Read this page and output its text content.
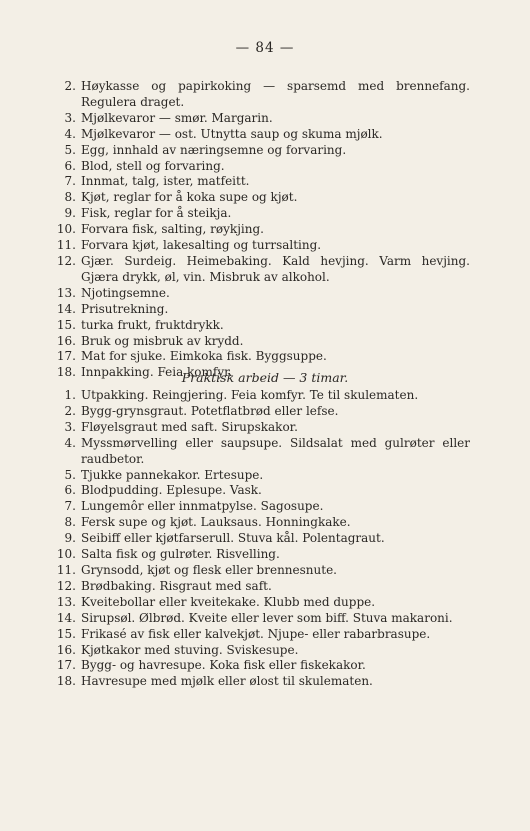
— 84 —
2. Høykasse og papirkoking — sparsemd med brennefang. Regulera draget.
3. Mjølkevaror — smør. Margarin.
4. Mjølkevaror — ost. Utnytta saup og skuma mjølk.
5. Egg, innhald av næringsemne og forvaring.
6. Blod, stell og forvaring.
7. Innmat, talg, ister, matfeitt.
8. Kjøt, reglar for å koka supe og kjøt.
9. Fisk, reglar for å steikja.
10. Forvara fisk, salting, røykjing.
11. Forvara kjøt, lakesalting og turrsalting.
12. Gjær. Surdeig. Heimebaking. Kald hevjing. Varm hevjing. Gjæra drykk, øl, vin. Misbruk av alkohol.
13. Njotingsemne.
14. Prisutrekning.
15. turka frukt, fruktdrykk.
16. Bruk og misbruk av krydd.
17. Mat for sjuke. Eimkoka fisk. Byggsuppe.
18. Innpakking. Feia komfyr.
Praktisk arbeid — 3 timar.
1. Utpakking. Reingjering. Feia komfyr. Te til skulematen.
2. Bygg-grynsgraut. Potetflatbrød eller lefse.
3. Fløyelsgraut med saft. Sirupskakor.
4. Myssmørvelling eller saupsupe. Sildsalat med gulrøter eller raudbetor.
5. Tjukke pannekakor. Ertesupe.
6. Blodpudding. Eplesupe. Vask.
7. Lungemôr eller innmatpylse. Sagosupe.
8. Fersk supe og kjøt. Lauksaus. Honningkake.
9. Seibiff eller kjøtfarserull. Stuva kål. Polentagraut.
10. Salta fisk og gulrøter. Risvelling.
11. Grynsodd, kjøt og flesk eller brennesnute.
12. Brødbaking. Risgraut med saft.
13. Kveitebollar eller kveitekake. Klubb med duppe.
14. Sirupsøl. Ølbrød. Kveite eller lever som biff. Stuva makaroni.
15. Frikasé av fisk eller kalvekjøt. Njupe- eller rabarbrasupe.
16. Kjøtkakor med stuving. Sviskesupe.
17. Bygg- og havresupe. Koka fisk eller fiskekakor.
18. Havresupe med mjølk eller ølost til skulematen.
